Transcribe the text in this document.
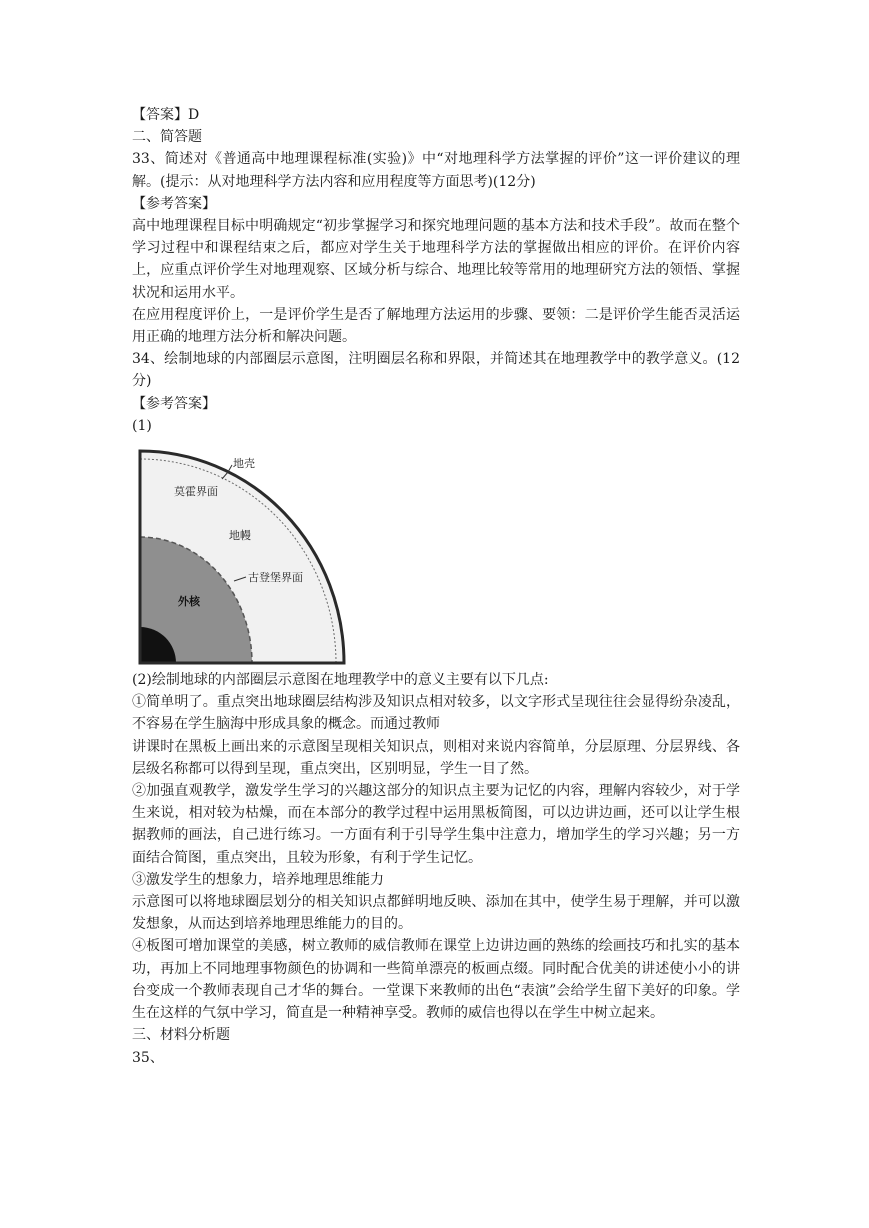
【答案】D

二、简答题

33、简述对《普通高中地理课程标准(实验)》中“对地理科学方法掌握的评价”这一评价建议的理解。(提示：从对地理科学方法内容和应用程度等方面思考)(12分)

【参考答案】

高中地理课程目标中明确规定“初步掌握学习和探究地理问题的基本方法和技术手段”。故而在整个学习过程中和课程结束之后，都应对学生关于地理科学方法的掌握做出相应的评价。在评价内容上，应重点评价学生对地理观察、区域分析与综合、地理比较等常用的地理研究方法的领悟、掌握状况和运用水平。

在应用程度评价上，一是评价学生是否了解地理方法运用的步骤、要领：二是评价学生能否灵活运用正确的地理方法分析和解决问题。

34、绘制地球的内部圈层示意图，注明圈层名称和界限，并简述其在地理教学中的教学意义。(12分)

【参考答案】

(1)

地壳
莫霍界面
地幔
古登堡界面
外核

(2)绘制地球的内部圈层示意图在地理教学中的意义主要有以下几点:

①简单明了。重点突出地球圈层结构涉及知识点相对较多，以文字形式呈现往往会显得纷杂凌乱，不容易在学生脑海中形成具象的概念。而通过教师

讲课时在黑板上画出来的示意图呈现相关知识点，则相对来说内容简单，分层原理、分层界线、各层级名称都可以得到呈现，重点突出，区别明显，学生一目了然。

②加强直观教学，激发学生学习的兴趣这部分的知识点主要为记忆的内容，理解内容较少，对于学生来说，相对较为枯燥，而在本部分的教学过程中运用黑板简图，可以边讲边画，还可以让学生根据教师的画法，自己进行练习。一方面有利于引导学生集中注意力，增加学生的学习兴趣；另一方面结合简图，重点突出，且较为形象，有利于学生记忆。

③激发学生的想象力，培养地理思维能力

示意图可以将地球圈层划分的相关知识点都鲜明地反映、添加在其中，使学生易于理解，并可以激发想象，从而达到培养地理思维能力的目的。

④板图可增加课堂的美感，树立教师的威信教师在课堂上边讲边画的熟练的绘画技巧和扎实的基本功，再加上不同地理事物颜色的协调和一些简单漂亮的板画点缀。同时配合优美的讲述使小小的讲台变成一个教师表现自己才华的舞台。一堂课下来教师的出色“表演”会给学生留下美好的印象。学生在这样的气氛中学习，简直是一种精神享受。教师的威信也得以在学生中树立起来。

三、材料分析题

35、
